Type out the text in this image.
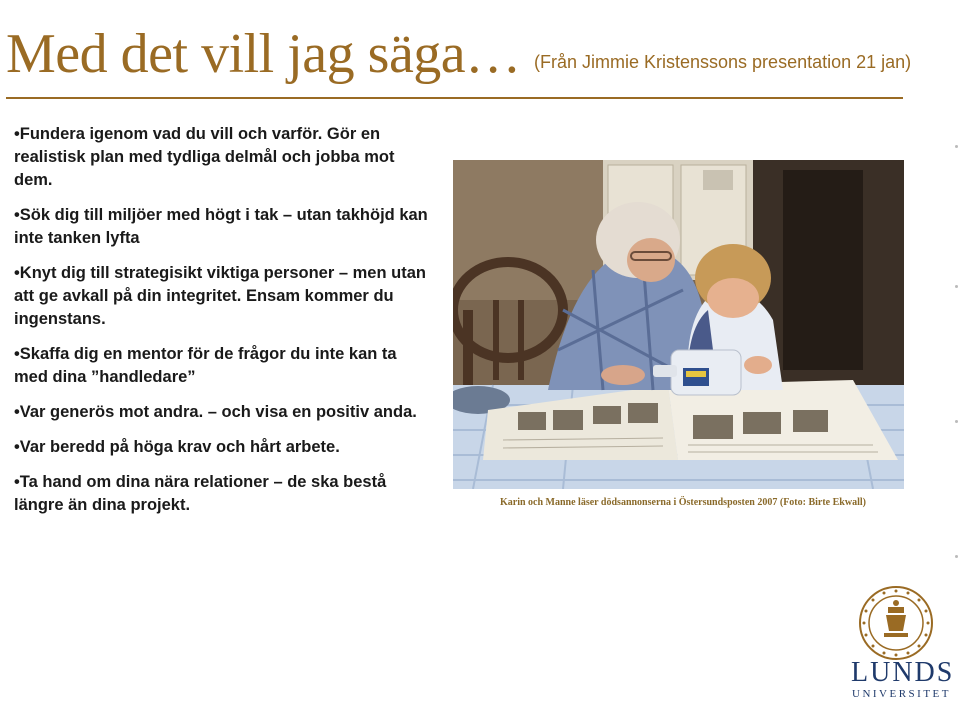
Med det vill jag säga… (Från Jimmie Kristenssons presentation 21 jan)
•Fundera igenom vad du vill och varför. Gör en realistisk plan med tydliga delmål och jobba mot dem.
•Sök dig till miljöer med högt i tak – utan takhöjd kan inte tanken lyfta
•Knyt dig till strategisikt viktiga personer – men utan att ge avkall på din integritet. Ensam kommer du ingenstans.
•Skaffa dig en mentor för de frågor du inte kan ta med dina ”handledare”
•Var generös mot andra. – och visa en positiv anda.
•Var beredd på höga krav och hårt arbete.
•Ta hand om dina nära relationer – de ska bestå längre än dina projekt.	Karin och Manne läser dödsannonserna i Östersundsposten 2007 (Foto: Birte Ekwall)
LUNDS
UNIVERSITET
